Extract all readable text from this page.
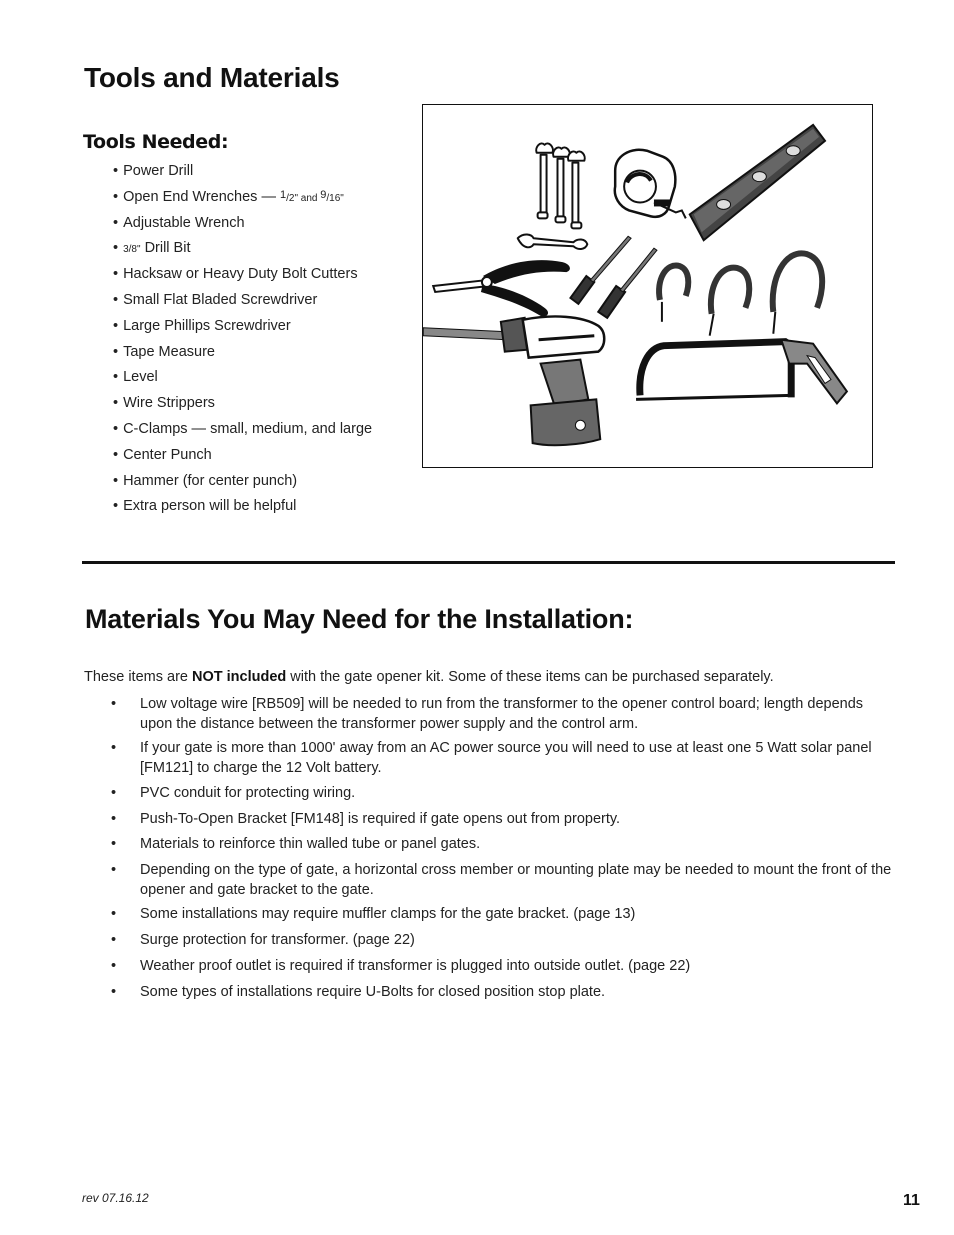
Tools and Materials
Tools Needed:
• Power Drill
• Open End Wrenches — $^1$/2" and $^9$/16"
• Adjustable Wrench
• 3/8" Drill Bit
• Hacksaw or Heavy Duty Bolt Cutters
• Small Flat Bladed Screwdriver
• Large Phillips Screwdriver
• Tape Measure
• Level
• Wire Strippers
• C-Clamps — small, medium, and large
• Center Punch
• Hammer (for center punch)
• Extra person will be helpful
Materials You May Need for the Installation:

These items are NOT included with the gate opener kit. Some of these items can be purchased separately.

• Low voltage wire [RB509] will be needed to run from the transformer to the opener control board; length depends upon the distance between the transformer power supply and the control arm.
• If your gate is more than 1000' away from an AC power source you will need to use at least one 5 Watt solar panel [FM121] to charge the 12 Volt battery.
• PVC conduit for protecting wiring.
• Push-To-Open Bracket [FM148] is required if gate opens out from property.
• Materials to reinforce thin walled tube or panel gates.
• Depending on the type of gate, a horizontal cross member or mounting plate may be needed to mount the front of the opener and gate bracket to the gate.
• Some installations may require muffler clamps for the gate bracket. (page 13)
• Surge protection for transformer. (page 22)
• Weather proof outlet is required if transformer is plugged into outside outlet. (page 22)
• Some types of installations require U-Bolts for closed position stop plate.
rev 07.16.12	11
